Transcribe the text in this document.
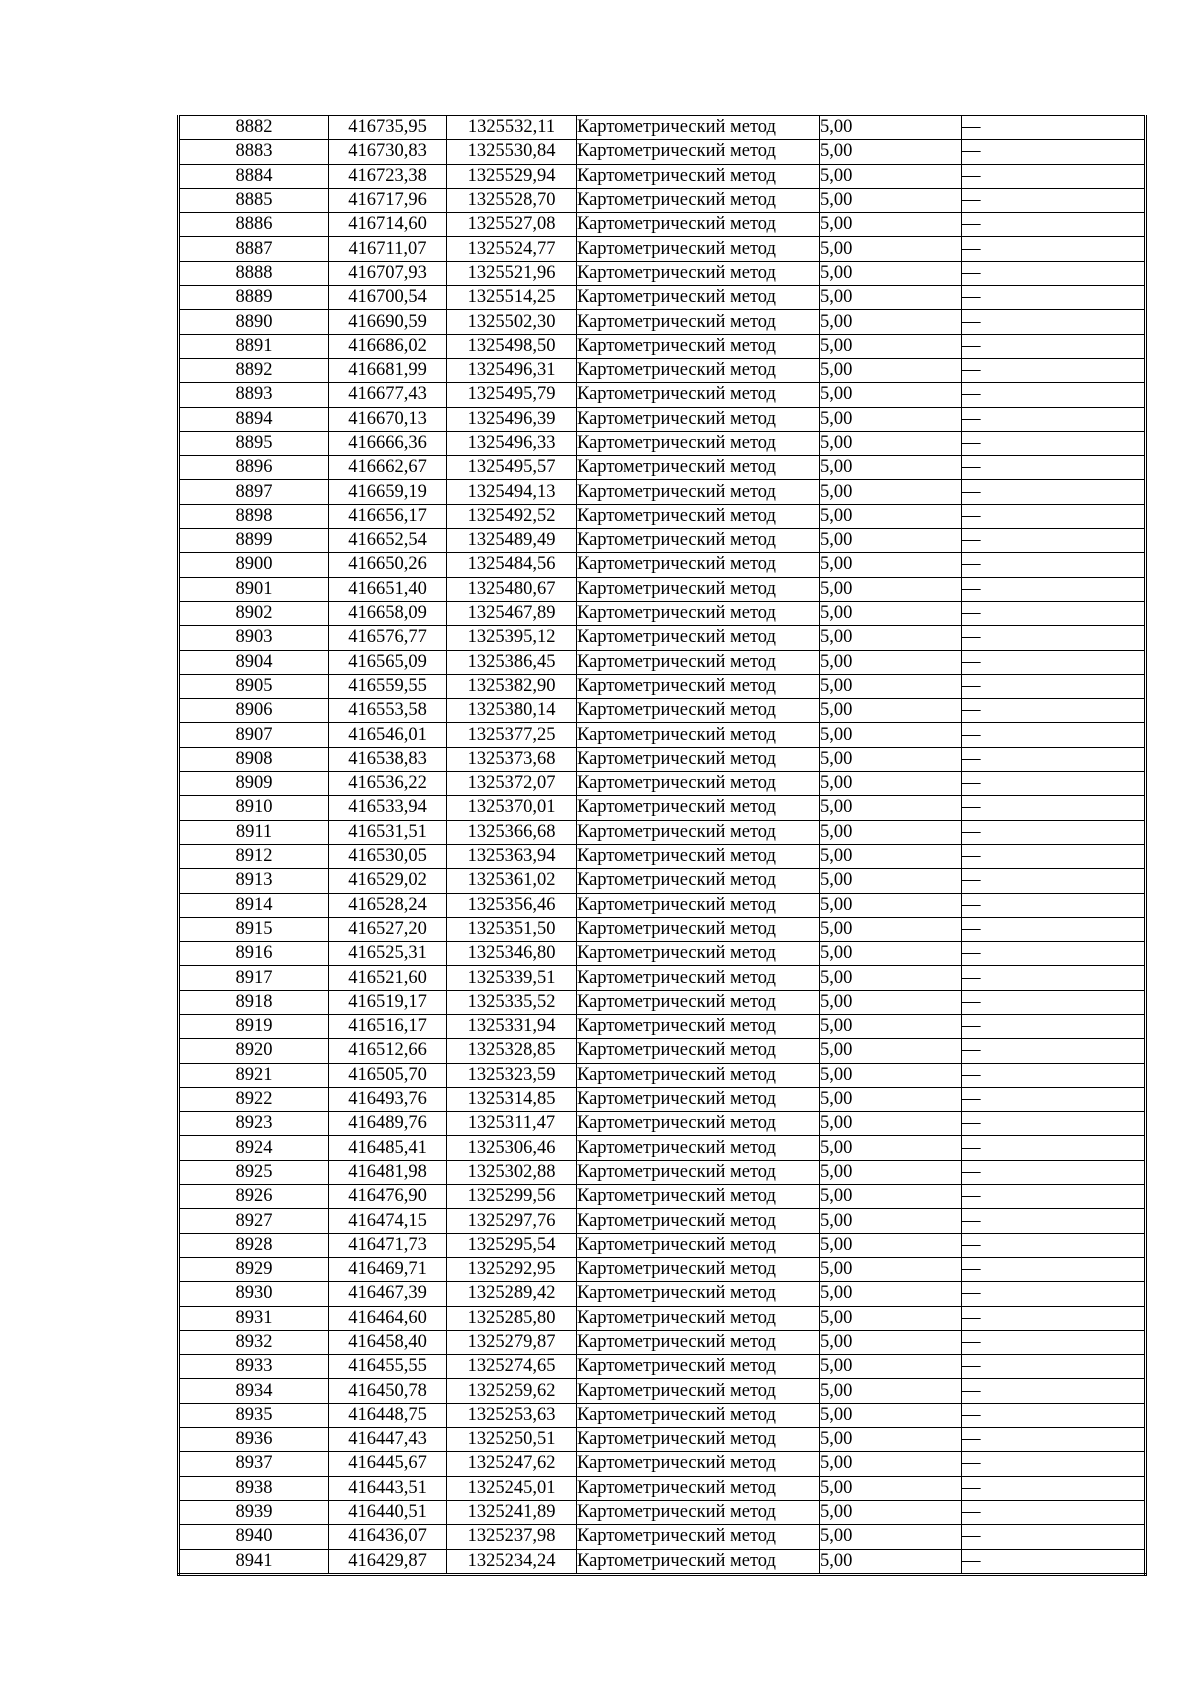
8882	416735,95	1325532,11	Картометрический метод	5,00	—
8883	416730,83	1325530,84	Картометрический метод	5,00	—
8884	416723,38	1325529,94	Картометрический метод	5,00	—
8885	416717,96	1325528,70	Картометрический метод	5,00	—
8886	416714,60	1325527,08	Картометрический метод	5,00	—
8887	416711,07	1325524,77	Картометрический метод	5,00	—
8888	416707,93	1325521,96	Картометрический метод	5,00	—
8889	416700,54	1325514,25	Картометрический метод	5,00	—
8890	416690,59	1325502,30	Картометрический метод	5,00	—
8891	416686,02	1325498,50	Картометрический метод	5,00	—
8892	416681,99	1325496,31	Картометрический метод	5,00	—
8893	416677,43	1325495,79	Картометрический метод	5,00	—
8894	416670,13	1325496,39	Картометрический метод	5,00	—
8895	416666,36	1325496,33	Картометрический метод	5,00	—
8896	416662,67	1325495,57	Картометрический метод	5,00	—
8897	416659,19	1325494,13	Картометрический метод	5,00	—
8898	416656,17	1325492,52	Картометрический метод	5,00	—
8899	416652,54	1325489,49	Картометрический метод	5,00	—
8900	416650,26	1325484,56	Картометрический метод	5,00	—
8901	416651,40	1325480,67	Картометрический метод	5,00	—
8902	416658,09	1325467,89	Картометрический метод	5,00	—
8903	416576,77	1325395,12	Картометрический метод	5,00	—
8904	416565,09	1325386,45	Картометрический метод	5,00	—
8905	416559,55	1325382,90	Картометрический метод	5,00	—
8906	416553,58	1325380,14	Картометрический метод	5,00	—
8907	416546,01	1325377,25	Картометрический метод	5,00	—
8908	416538,83	1325373,68	Картометрический метод	5,00	—
8909	416536,22	1325372,07	Картометрический метод	5,00	—
8910	416533,94	1325370,01	Картометрический метод	5,00	—
8911	416531,51	1325366,68	Картометрический метод	5,00	—
8912	416530,05	1325363,94	Картометрический метод	5,00	—
8913	416529,02	1325361,02	Картометрический метод	5,00	—
8914	416528,24	1325356,46	Картометрический метод	5,00	—
8915	416527,20	1325351,50	Картометрический метод	5,00	—
8916	416525,31	1325346,80	Картометрический метод	5,00	—
8917	416521,60	1325339,51	Картометрический метод	5,00	—
8918	416519,17	1325335,52	Картометрический метод	5,00	—
8919	416516,17	1325331,94	Картометрический метод	5,00	—
8920	416512,66	1325328,85	Картометрический метод	5,00	—
8921	416505,70	1325323,59	Картометрический метод	5,00	—
8922	416493,76	1325314,85	Картометрический метод	5,00	—
8923	416489,76	1325311,47	Картометрический метод	5,00	—
8924	416485,41	1325306,46	Картометрический метод	5,00	—
8925	416481,98	1325302,88	Картометрический метод	5,00	—
8926	416476,90	1325299,56	Картометрический метод	5,00	—
8927	416474,15	1325297,76	Картометрический метод	5,00	—
8928	416471,73	1325295,54	Картометрический метод	5,00	—
8929	416469,71	1325292,95	Картометрический метод	5,00	—
8930	416467,39	1325289,42	Картометрический метод	5,00	—
8931	416464,60	1325285,80	Картометрический метод	5,00	—
8932	416458,40	1325279,87	Картометрический метод	5,00	—
8933	416455,55	1325274,65	Картометрический метод	5,00	—
8934	416450,78	1325259,62	Картометрический метод	5,00	—
8935	416448,75	1325253,63	Картометрический метод	5,00	—
8936	416447,43	1325250,51	Картометрический метод	5,00	—
8937	416445,67	1325247,62	Картометрический метод	5,00	—
8938	416443,51	1325245,01	Картометрический метод	5,00	—
8939	416440,51	1325241,89	Картометрический метод	5,00	—
8940	416436,07	1325237,98	Картометрический метод	5,00	—
8941	416429,87	1325234,24	Картометрический метод	5,00	—
